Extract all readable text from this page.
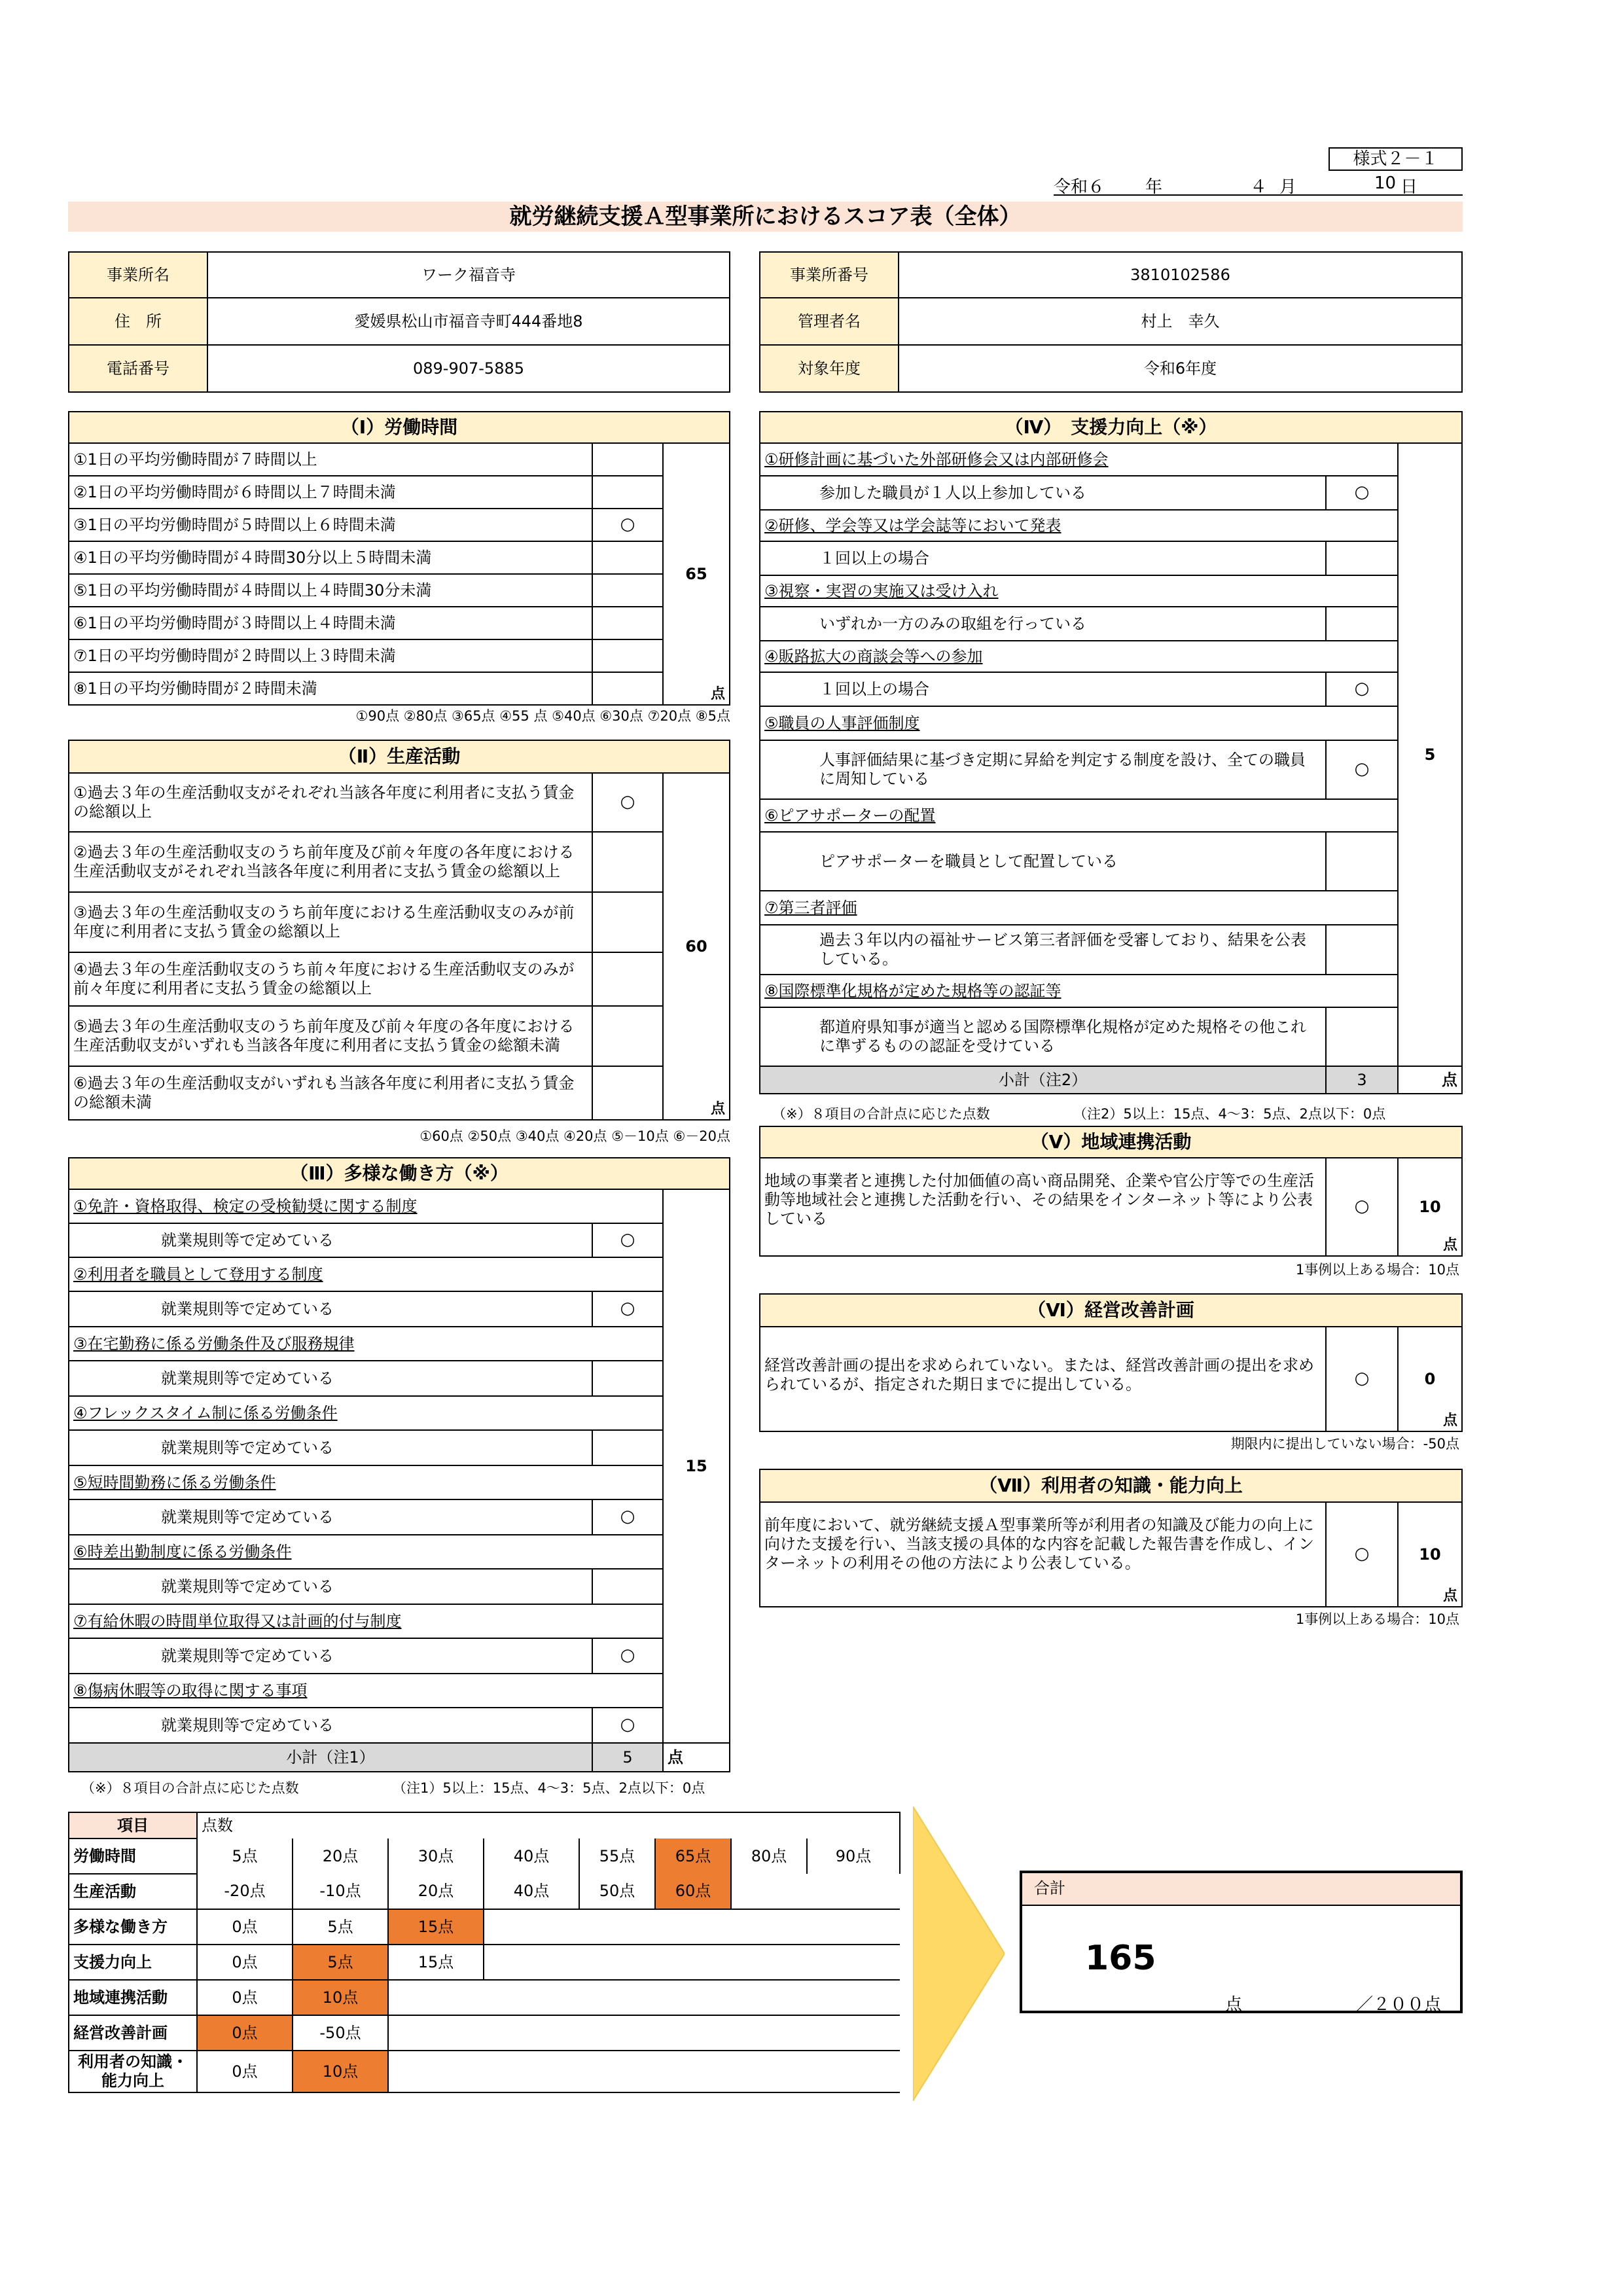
様式２－１
令和６ 年	４ 月	10 日
就労継続支援Ａ型事業所におけるスコア表（全体）
事業所名	ワーク福音寺
住　所	愛媛県松山市福音寺町444番地8
電話番号	089-907-5885
事業所番号	3810102586
管理者名	村上　幸久
対象年度	令和6年度
（Ⅰ）労働時間		
①1日の平均労働時間が７時間以上		65
点

②1日の平均労働時間が６時間以上７時間未満		
③1日の平均労働時間が５時間以上６時間未満	○	
④1日の平均労働時間が４時間30分以上５時間未満		
⑤1日の平均労働時間が４時間以上４時間30分未満		
⑥1日の平均労働時間が３時間以上４時間未満		
⑦1日の平均労働時間が２時間以上３時間未満		
⑧1日の平均労働時間が２時間未満		
①90点 ②80点 ③65点 ④55 点 ⑤40点 ⑥30点 ⑦20点 ⑧5点
（Ⅱ）生産活動		
①過去３年の生産活動収支がそれぞれ当該各年度に利用者に支払う賃金の総額以上	○	60
点

②過去３年の生産活動収支のうち前年度及び前々年度の各年度における生産活動収支がそれぞれ当該各年度に利用者に支払う賃金の総額以上		
③過去３年の生産活動収支のうち前年度における生産活動収支のみが前年度に利用者に支払う賃金の総額以上		
④過去３年の生産活動収支のうち前々年度における生産活動収支のみが前々年度に利用者に支払う賃金の総額以上		
⑤過去３年の生産活動収支のうち前年度及び前々年度の各年度における生産活動収支がいずれも当該各年度に利用者に支払う賃金の総額未満		
⑥過去３年の生産活動収支がいずれも当該各年度に利用者に支払う賃金の総額未満		
①60点 ②50点 ③40点 ④20点 ⑤－10点 ⑥－20点
（Ⅲ）多様な働き方（※）		
①免許・資格取得、検定の受検勧奨に関する制度		15
就業規則等で定めている	○	
②利用者を職員として登用する制度		
就業規則等で定めている	○	
③在宅勤務に係る労働条件及び服務規律		
就業規則等で定めている		
④フレックスタイム制に係る労働条件		
就業規則等で定めている		
⑤短時間勤務に係る労働条件		
就業規則等で定めている	○	
⑥時差出勤制度に係る労働条件		
就業規則等で定めている		
⑦有給休暇の時間単位取得又は計画的付与制度		
就業規則等で定めている	○	
⑧傷病休暇等の取得に関する事項		
就業規則等で定めている	○	
小計（注1）	5	点
（※）８項目の合計点に応じた点数	（注1）5以上：15点、4～3：5点、2点以下：0点
（Ⅳ）　支援力向上（※）		
①研修計画に基づいた外部研修会又は内部研修会		5
参加した職員が１人以上参加している	○	
②研修、学会等又は学会誌等において発表		
１回以上の場合		
③視察・実習の実施又は受け入れ		
いずれか一方のみの取組を行っている		
④販路拡大の商談会等への参加		
１回以上の場合	○	
⑤職員の人事評価制度		
人事評価結果に基づき定期に昇給を判定する制度を設け、全ての職員に周知している	○	
⑥ピアサポーターの配置		
ピアサポーターを職員として配置している		
⑦第三者評価		
過去３年以内の福祉サービス第三者評価を受審しており、結果を公表している。		
⑧国際標準化規格が定めた規格等の認証等		
都道府県知事が適当と認める国際標準化規格が定めた規格その他これに準ずるものの認証を受けている		
小計（注2）	3	点
（※）８項目の合計点に応じた点数	（注2）5以上：15点、4～3：5点、2点以下：0点
（Ⅴ）地域連携活動
地域の事業者と連携した付加価値の高い商品開発、企業や官公庁等での生産活動等地域社会と連携した活動を行い、その結果をインターネット等により公表している	○	10
点
1事例以上ある場合：10点
（Ⅵ）経営改善計画
経営改善計画の提出を求められていない。または、経営改善計画の提出を求められているが、指定された期日までに提出している。	○	0
点
期限内に提出していない場合：-50点
（Ⅶ）利用者の知識・能力向上
前年度において、就労継続支援Ａ型事業所等が利用者の知識及び能力の向上に向けた支援を行い、当該支援の具体的な内容を記載した報告書を作成し、インターネットの利用その他の方法により公表している。	○	10
点
1事例以上ある場合：10点
項目	点数							
労働時間	5点	20点	30点	40点	55点	65点	80点	90点
生産活動	-20点	-10点	20点	40点	50点	60点		
多様な働き方	0点	5点	15点					
支援力向上	0点	5点	15点					
地域連携活動	0点	10点						
経営改善計画	0点	-50点						
利用者の知識・能力向上	0点	10点						
合計
165
点	／２００点
